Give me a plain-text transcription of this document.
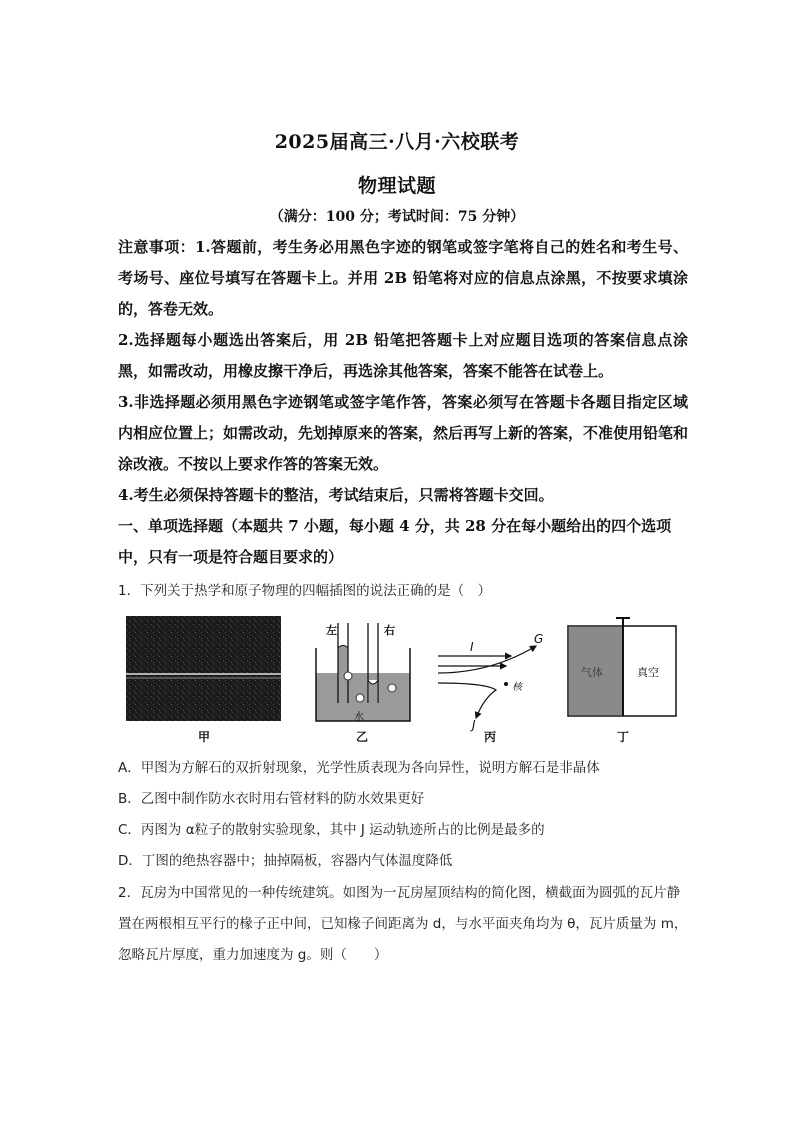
2025届高三·八月·六校联考
物理试题
（满分：100 分；考试时间：75 分钟）
注意事项：1.答题前，考生务必用黑色字迹的钢笔或签字笔将自己的姓名和考生号、考场号、座位号填写在答题卡上。并用 2B 铅笔将对应的信息点涂黑，不按要求填涂的，答卷无效。
2.选择题每小题选出答案后，用 2B 铅笔把答题卡上对应题目选项的答案信息点涂黑，如需改动，用橡皮擦干净后，再选涂其他答案，答案不能答在试卷上。
3.非选择题必须用黑色字迹钢笔或签字笔作答，答案必须写在答题卡各题目指定区域内相应位置上；如需改动，先划掉原来的答案，然后再写上新的答案，不准使用铅笔和涂改液。不按以上要求作答的答案无效。
4.考生必须保持答题卡的整洁，考试结束后，只需将答题卡交回。
一、单项选择题（本题共 7 小题，每小题 4 分，共 28 分在每小题给出的四个选项中，只有一项是符合题目要求的）
1．下列关于热学和原子物理的四幅插图的说法正确的是（　）
甲
左	右
水
乙
I
G
J
核
丙
气体	真空
丁
A．甲图为方解石的双折射现象，光学性质表现为各向异性，说明方解石是非晶体
B．乙图中制作防水衣时用右管材料的防水效果更好
C．丙图为 α粒子的散射实验现象，其中 J 运动轨迹所占的比例是最多的
D．丁图的绝热容器中；抽掉隔板，容器内气体温度降低
2．瓦房为中国常见的一种传统建筑。如图为一瓦房屋顶结构的简化图，横截面为圆弧的瓦片静置在两根相互平行的椽子正中间，已知椽子间距离为 d，与水平面夹角均为 θ，瓦片质量为 m，忽略瓦片厚度，重力加速度为 g。则（　　）
